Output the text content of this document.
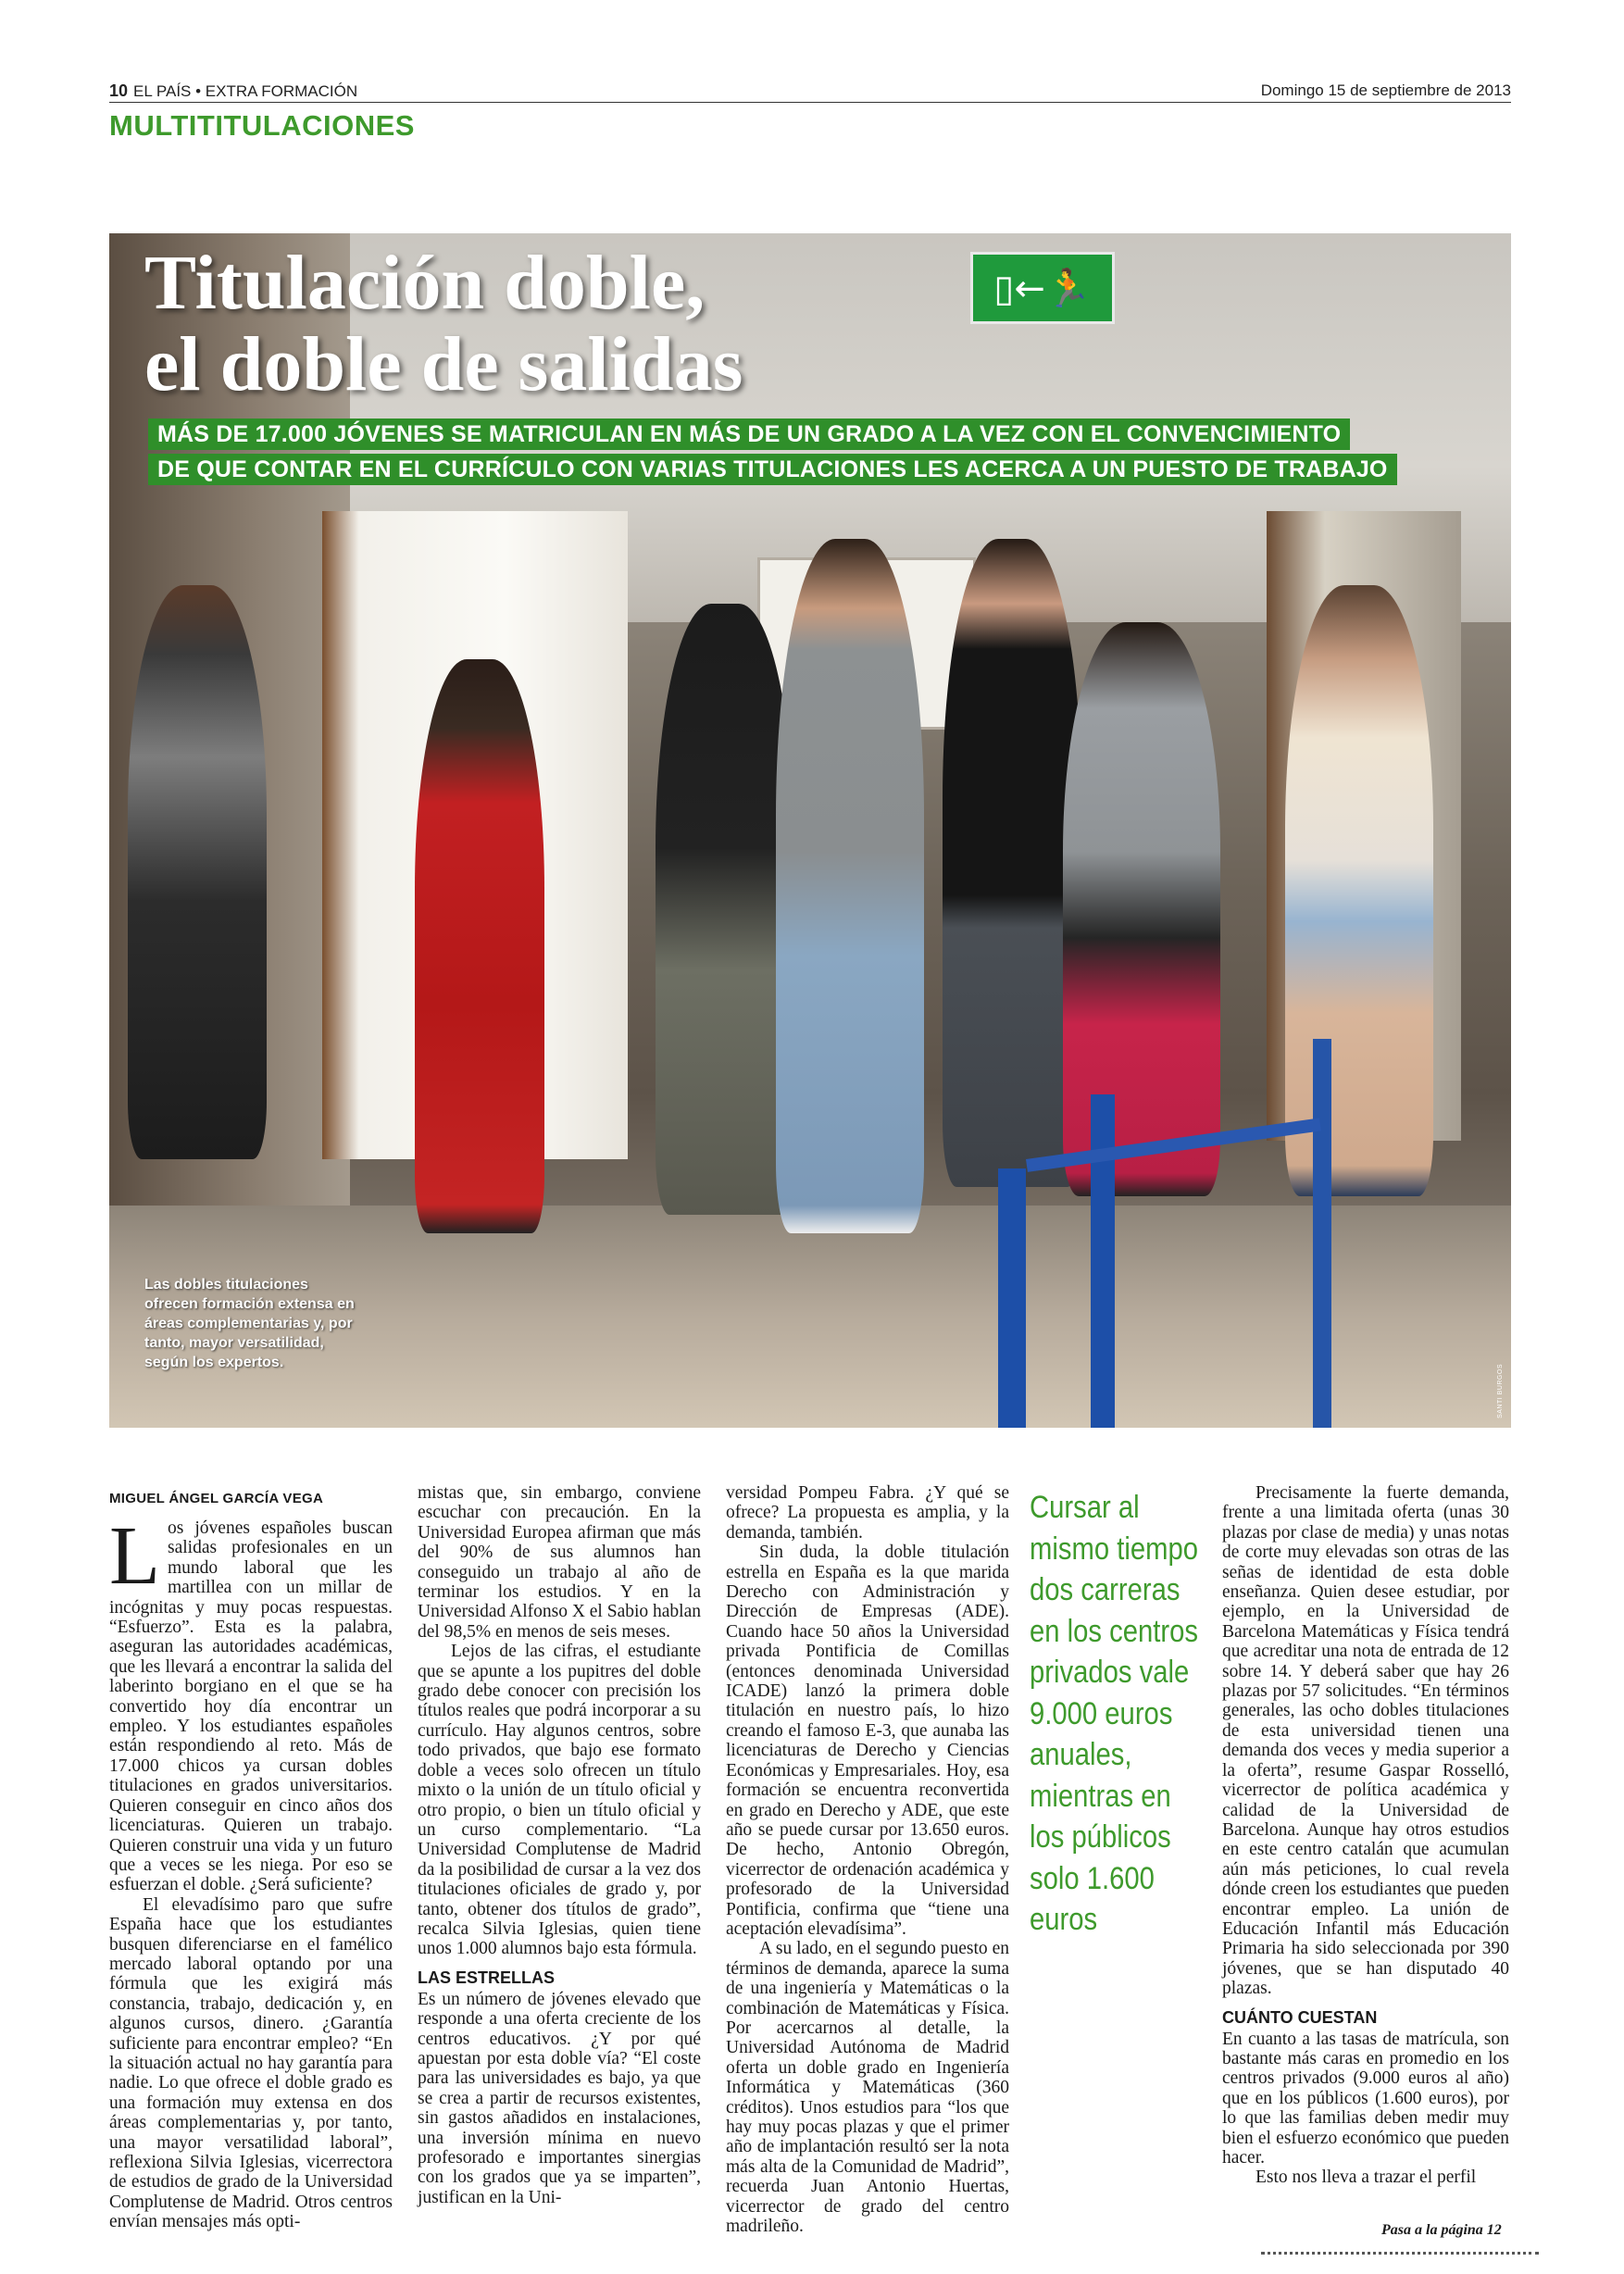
10 EL PAÍS • EXTRA FORMACIÓN	Domingo 15 de septiembre de 2013
MULTITITULACIONES
▯←🏃
Titulación doble,
el doble de salidas
MÁS DE 17.000 JÓVENES SE MATRICULAN EN MÁS DE UN GRADO A LA VEZ CON EL CONVENCIMIENTO
DE QUE CONTAR EN EL CURRÍCULO CON VARIAS TITULACIONES LES ACERCA A UN PUESTO DE TRABAJO
Las dobles titulaciones ofrecen formación extensa en áreas complementarias y, por tanto, mayor versatilidad, según los expertos.
SANTI BURGOS
MIGUEL ÁNGEL GARCÍA VEGA

Los jóvenes españoles buscan salidas profesionales en un mundo laboral que les martillea con un millar de incógnitas y muy pocas respuestas. “Esfuerzo”. Esta es la palabra, aseguran las autoridades académicas, que les llevará a encontrar la salida del laberinto borgiano en el que se ha convertido hoy día encontrar un empleo. Y los estudiantes españoles están respondiendo al reto. Más de 17.000 chicos ya cursan dobles titulaciones en grados universitarios. Quieren conseguir en cinco años dos licenciaturas. Quieren un trabajo. Quieren construir una vida y un futuro que a veces se les niega. Por eso se esfuerzan el doble. ¿Será suficiente?

El elevadísimo paro que sufre España hace que los estudiantes busquen diferenciarse en el famélico mercado laboral optando por una fórmula que les exigirá más constancia, trabajo, dedicación y, en algunos cursos, dinero. ¿Garantía suficiente para encontrar empleo? “En la situación actual no hay garantía para nadie. Lo que ofrece el doble grado es una formación muy extensa en dos áreas complementarias y, por tanto, una mayor versatilidad laboral”, reflexiona Silvia Iglesias, vicerrectora de estudios de grado de la Universidad Complutense de Madrid. Otros centros envían mensajes más opti-

mistas que, sin embargo, conviene escuchar con precaución. En la Universidad Europea afirman que más del 90% de sus alumnos han conseguido un trabajo al año de terminar los estudios. Y en la Universidad Alfonso X el Sabio hablan del 98,5% en menos de seis meses.

Lejos de las cifras, el estudiante que se apunte a los pupitres del doble grado debe conocer con precisión los títulos reales que podrá incorporar a su currículo. Hay algunos centros, sobre todo privados, que bajo ese formato doble a veces solo ofrecen un título mixto o la unión de un título oficial y otro propio, o bien un título oficial y un curso complementario. “La Universidad Complutense de Madrid da la posibilidad de cursar a la vez dos titulaciones oficiales de grado y, por tanto, obtener dos títulos de grado”, recalca Silvia Iglesias, quien tiene unos 1.000 alumnos bajo esta fórmula.

LAS ESTRELLAS

Es un número de jóvenes elevado que responde a una oferta creciente de los centros educativos. ¿Y por qué apuestan por esta doble vía? “El coste para las universidades es bajo, ya que se crea a partir de recursos existentes, sin gastos añadidos en instalaciones, una inversión mínima en nuevo profesorado e importantes sinergias con los grados que ya se imparten”, justifican en la Uni-

versidad Pompeu Fabra. ¿Y qué se ofrece? La propuesta es amplia, y la demanda, también.

Sin duda, la doble titulación estrella en España es la que marida Derecho con Administración y Dirección de Empresas (ADE). Cuando hace 50 años la Universidad privada Pontificia de Comillas (entonces denominada Universidad ICADE) lanzó la primera doble titulación en nuestro país, lo hizo creando el famoso E-3, que aunaba las licenciaturas de Derecho y Ciencias Económicas y Empresariales. Hoy, esa formación se encuentra reconvertida en grado en Derecho y ADE, que este año se puede cursar por 13.650 euros. De hecho, Antonio Obregón, vicerrector de ordenación académica y profesorado de la Universidad Pontificia, confirma que “tiene una aceptación elevadísima”.

A su lado, en el segundo puesto en términos de demanda, aparece la suma de una ingeniería y Matemáticas o la combinación de Matemáticas y Física. Por acercarnos al detalle, la Universidad Autónoma de Madrid oferta un doble grado en Ingeniería Informática y Matemáticas (360 créditos). Unos estudios para “los que hay muy pocas plazas y que el primer año de implantación resultó ser la nota más alta de la Comunidad de Madrid”, recuerda Juan Antonio Huertas, vicerrector de grado del centro madrileño.

Cursar al
mismo tiempo
dos carreras
en los centros
privados vale
9.000 euros
anuales,
mientras en
los públicos
solo 1.600
euros

Precisamente la fuerte demanda, frente a una limitada oferta (unas 30 plazas por clase de media) y unas notas de corte muy elevadas son otras de las señas de identidad de esta doble enseñanza. Quien desee estudiar, por ejemplo, en la Universidad de Barcelona Matemáticas y Física tendrá que acreditar una nota de entrada de 12 sobre 14. Y deberá saber que hay 26 plazas por 57 solicitudes. “En términos generales, las ocho dobles titulaciones de esta universidad tienen una demanda dos veces y media superior a la oferta”, resume Gaspar Rosselló, vicerrector de política académica y calidad de la Universidad de Barcelona. Aunque hay otros estudios en este centro catalán que acumulan aún más peticiones, lo cual revela dónde creen los estudiantes que pueden encontrar empleo. La unión de Educación Infantil más Educación Primaria ha sido seleccionada por 390 jóvenes, que se han disputado 40 plazas.

CUÁNTO CUESTAN

En cuanto a las tasas de matrícula, son bastante más caras en promedio en los centros privados (9.000 euros al año) que en los públicos (1.600 euros), por lo que las familias deben medir muy bien el esfuerzo económico que pueden hacer.

Esto nos lleva a trazar el perfil

Pasa a la página 12
